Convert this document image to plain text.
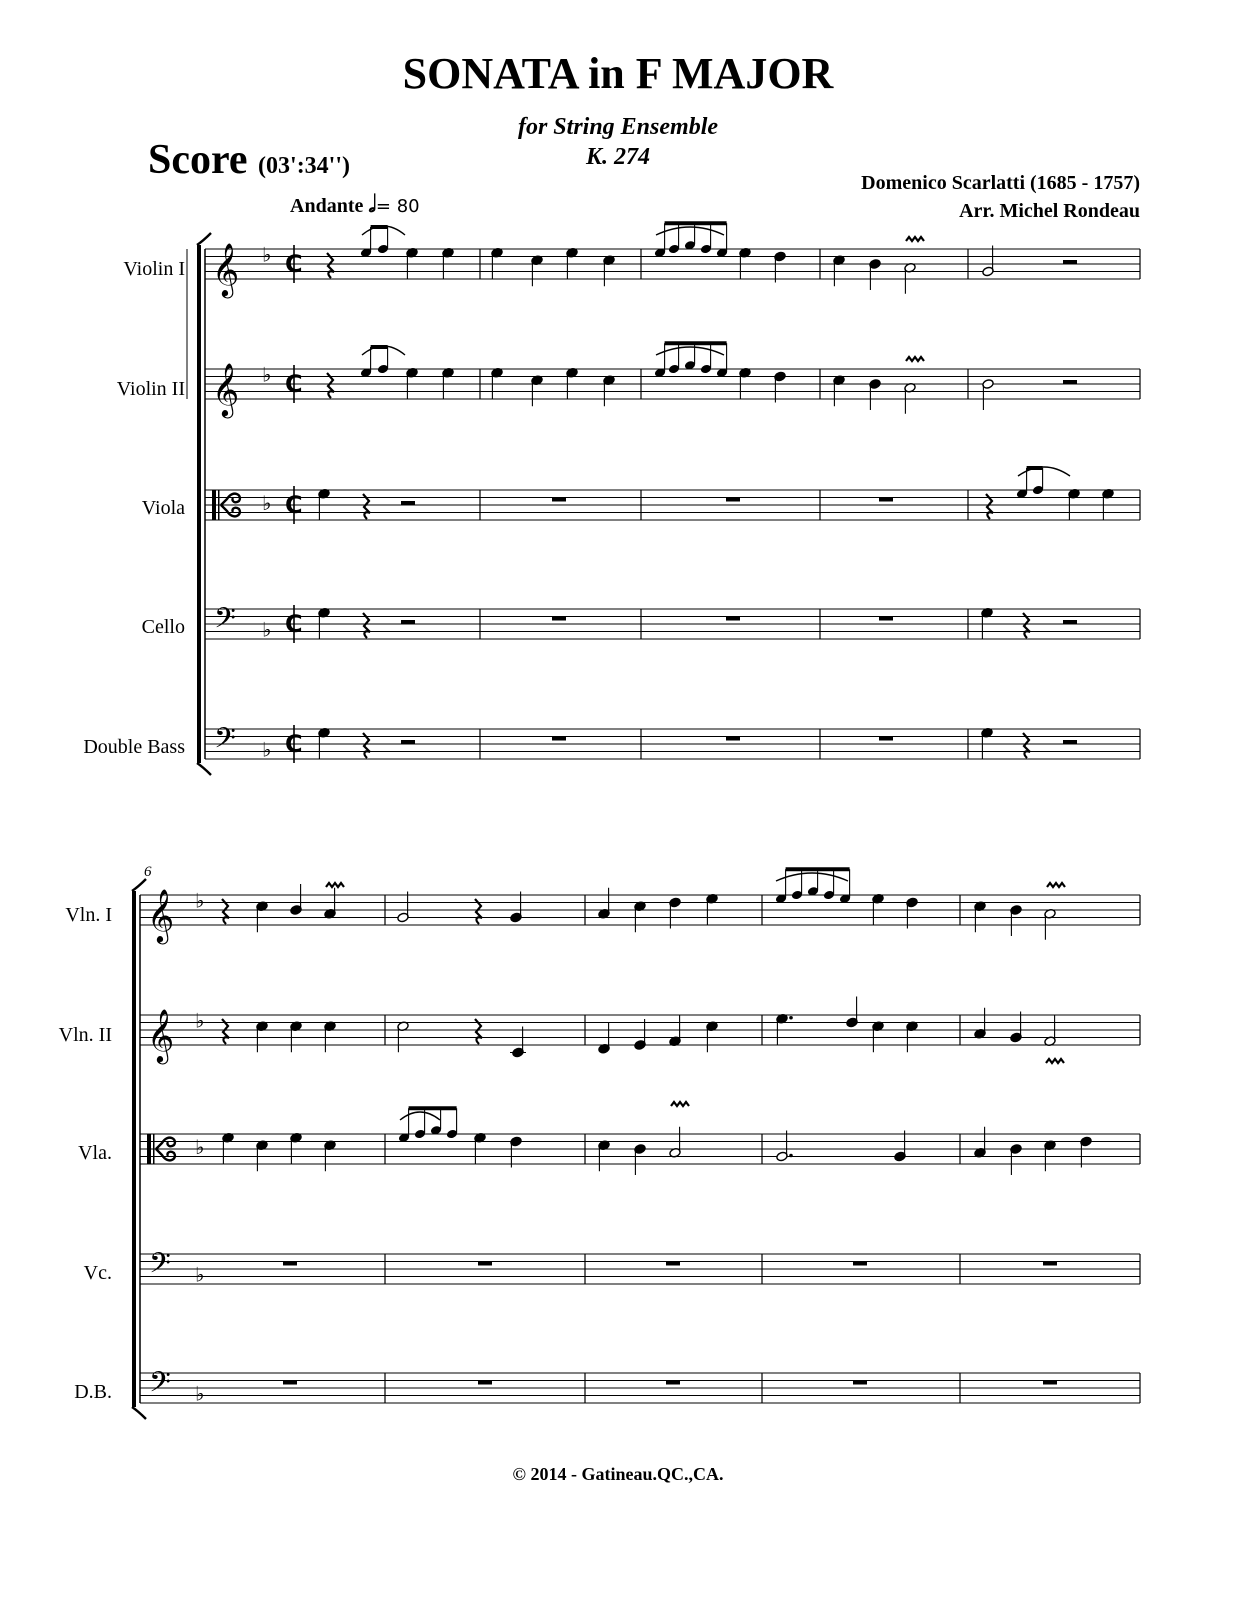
SONATA in F MAJOR
for String Ensemble
K. 274
Score (03':34'')
Domenico Scarlatti (1685 - 1757)
Arr. Michel Rondeau
Andante 𝅗𝅥= 80
Violin I
Violin II
Viola
Cello
Double Bass
Vln. I
Vln. II
Vla.
Vc.
D.B.
6
© 2014 - Gatineau.QC.,CA.
𝄞
𝄞
𝄢
𝄢
♭
♭
♭
♭
♭
C
C
C
C
C
𝄞
𝄞
𝄢
𝄢
♭
♭
♭
♭
♭
